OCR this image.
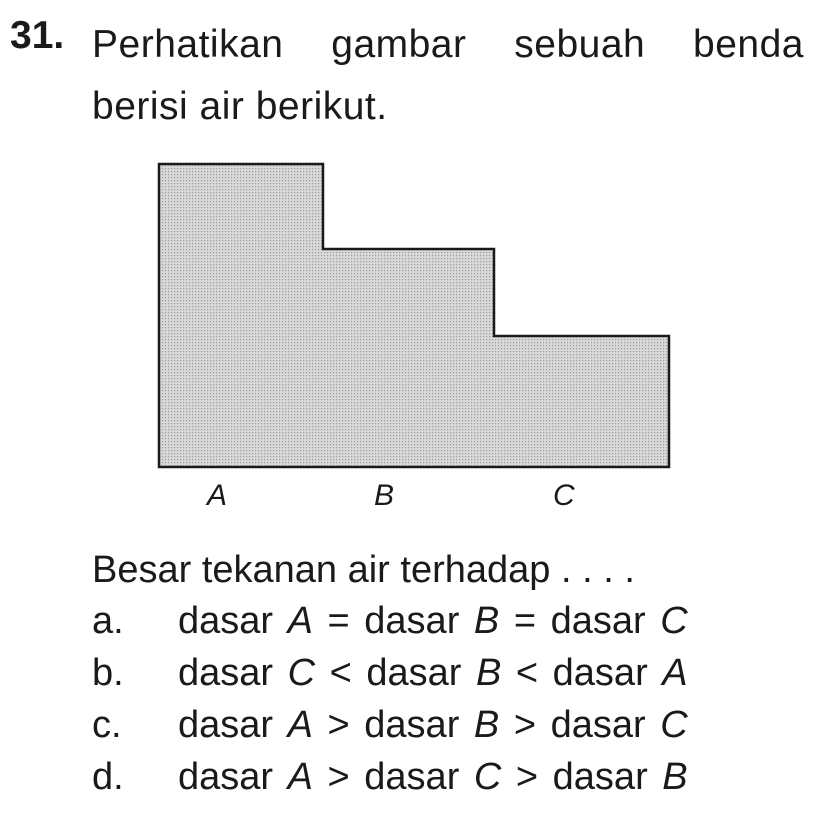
31. Perhatikan gambar sebuah benda
berisi air berikut.
A	B	C
Besar tekanan air terhadap . . . .
a. dasar A = dasar B = dasar C
b. dasar C < dasar B < dasar A
c. dasar A > dasar B > dasar C
d. dasar A > dasar C > dasar B
